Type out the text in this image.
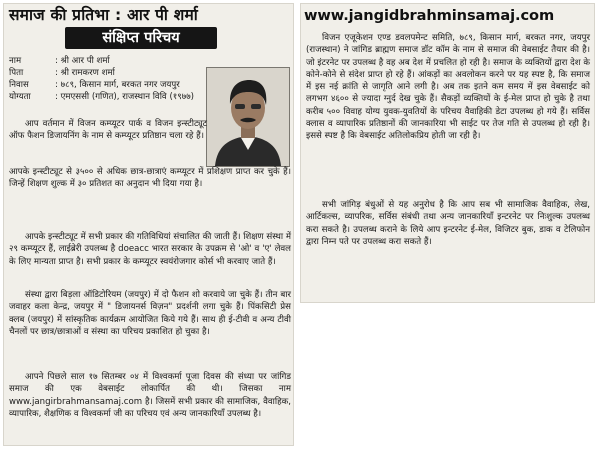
समाज की प्रतिभा : आर पी शर्मा
संक्षिप्त परिचय
नाम	: श्री आर पी शर्मा
पिता	: श्री रामकरण शर्मा
निवास	: ७८९, किसान मार्ग, बरकत नगर जयपुर
योग्यता	: एमएससी (गणित), राजस्थान विवि (१९७७)
आप वर्तमान में विजन कम्प्यूटर पार्क व विजन इन्स्टीट्यूट ऑफ फैशन डिजायनिंग के नाम से कम्प्यूटर प्रतिष्ठान चला रहे हैं।
आपके इन्स्टीट्यूट से ३५०० से अधिक छात्र-छात्राएं कम्प्यूटर में प्रशिक्षण प्राप्त कर चुके हैं। जिन्हें शिक्षण शुल्क में ३० प्रतिशत का अनुदान भी दिया गया है।
आपके इन्स्टीट्यूट में सभी प्रकार की गतिविधियां संचालित की जाती हैं। शिक्षण संस्था में २९ कम्प्यूटर हैं, लाईब्रेरी उपलब्ध है doeacc भारत सरकार के उपक्रम से 'ओ' व 'ए' लेवल के लिए मान्यता प्राप्त है। सभी प्रकार के कम्प्यूटर स्वयंरोजगार कोर्स भी करवाए जाते हैं।
संस्था द्वारा बिड़ला ऑडिटोरियम (जयपुर) में दो फैशन शो करवाये जा चुके हैं। तीन बार जवाहर कला केन्द्र, जयपुर में " डिजायनर्स विज़न" प्रदर्शनी लगा चुके हैं। पिंकसिटी प्रेस क्लब (जयपुर) में सांस्कृतिक कार्यक्रम आयोजित किये गये हैं। साथ ही ई-टीवी व अन्य टीवी चैनलों पर छात्र/छात्राओं व संस्था का परिचय प्रकाशित हो चुका है।
आपने पिछले साल १७ सितम्बर ०४ में विश्वकर्मा पूजा दिवस की संध्या पर जांगिड समाज की एक वेबसाईट लोकार्पित की थी। जिसका नाम www.jangirbrahmansamaj.com है। जिसमें सभी प्रकार की सामाजिक, वैवाहिक, व्यापारिक, शैक्षणिक व विश्वकर्मा जी का परिचय एवं अन्य जानकारियाँ उपलब्ध है।
www.jangidbrahminsamaj.com
विजन एजूकेशन एण्ड डवलपमेन्ट समिति, ७८९, किसान मार्ग, बरकत नगर, जयपुर (राजस्थान) ने जांगिड ब्राह्मण समाज डॉट कॉम के नाम से समाज की वेबसाईट तैयार की है। जो इंटरनेट पर उपलब्ध है वह अब देश में प्रचलित हो रही है। समाज के व्यक्तियों द्वारा देश के कोने-कोने से संदेश प्राप्त हो रहे हैं। आंकड़ों का अवलोकन करने पर यह स्पष्ट है, कि समाज में इस नई क्रांति से जागृति आने लगी है। अब तक इतने कम समय में इस वेबसाईट को लगभग ४६०० से ज्यादा ग्नुर्द देख चुके हैं। सैकड़ों व्यक्तियों के ई-मेल प्राप्त हो चुके है तथा करीब ५०० विवाह योग्य युवक-युवतियों के परिचय वैवाहिकी डेटा उपलब्ध हो गये हैं। सर्विस क्लास व व्यापारिक प्रतिष्ठानों की जानकारिया भी साईट पर तेज गति से उपलब्ध हो रही है। इससे स्पष्ट है कि वेबसाईट अतिलोकप्रिय होती जा रही है।
सभी जांगिड़ बंधुओं से यह अनुरोध है कि आप सब भी सामाजिक वैवाहिक, लेख, आर्टिकल्स, व्यापरिक, सर्विस संबंधी तथा अन्य जानकारियाँ इन्टरनेट पर निःशुल्क उपलब्ध करा सकते है। उपलब्ध कराने के लिये आप इन्टरनेट ई-मेल, विजिटर बुक, डाक व टेलिफोन द्वारा निम्न पते पर उपलब्ध करा सकते हैं।
